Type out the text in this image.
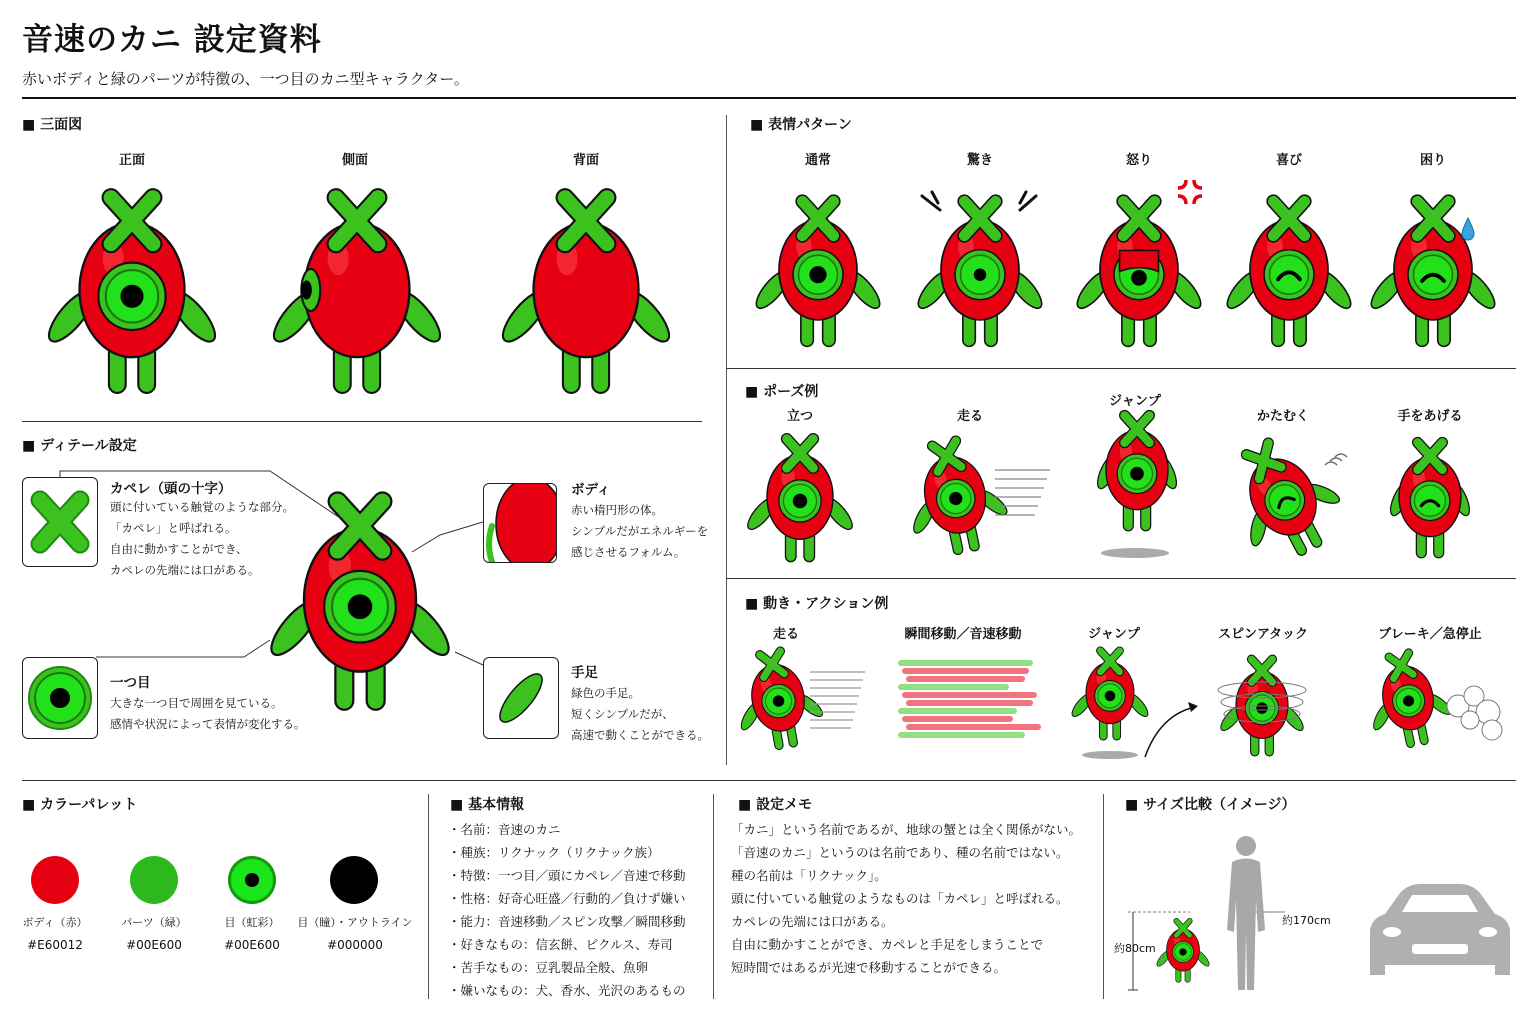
音速のカニ 設定資料
赤いボディと緑のパーツが特徴の、一つ目のカニ型キャラクター。
■ 三面図	■ 表情パターン
■ ポーズ例
■ 動き・アクション例
■ ディテール設定
■ カラーパレット	■ 基本情報	■ 設定メモ	■ サイズ比較（イメージ）
正面	側面	背面	通常	驚き	怒り	喜び	困り
立つ	走る
ジャンプ
かたむく	手をあげる
走る	瞬間移動／音速移動	ジャンプ	スピンアタック	ブレーキ／急停止
カペレ（頭の十字）
頭に付いている触覚のような部分。
「カペレ」と呼ばれる。
自由に動かすことができ、
カペレの先端には口がある。
一つ目
大きな一つ目で周囲を見ている。
感情や状況によって表情が変化する。
ボディ
赤い楕円形の体。
シンプルだがエネルギーを
感じさせるフォルム。
手足
緑色の手足。
短くシンプルだが、
高速で動くことができる。
ボディ（赤）	パーツ（緑）	目（虹彩） 目（瞳）・アウトライン
#E60012	#00E600	#00E600	#000000
・名前：音速のカニ
・種族：リクナック（リクナック族）
・特徴：一つ目／頭にカペレ／音速で移動
・性格：好奇心旺盛／行動的／負けず嫌い
・能力：音速移動／スピン攻撃／瞬間移動
・好きなもの：信玄餅、ピクルス、寿司
・苦手なもの：豆乳製品全般、魚卵
・嫌いなもの：犬、香水、光沢のあるもの
「カニ」という名前であるが、地球の蟹とは全く関係がない。
「音速のカニ」というのは名前であり、種の名前ではない。
種の名前は「リクナック」。
頭に付いている触覚のようなものは「カペレ」と呼ばれる。
カペレの先端には口がある。
自由に動かすことができ、カペレと手足をしまうことで
短時間ではあるが光速で移動することができる。
約80cm
約170cm
